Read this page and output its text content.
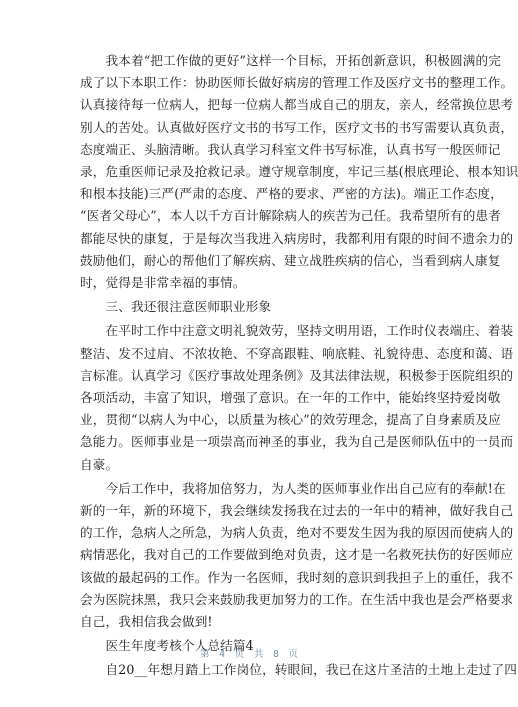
　　我本着“把工作做的更好”这样一个目标，开拓创新意识，积极圆满的完
成了以下本职工作：协助医师长做好病房的管理工作及医疗文书的整理工作。
认真接待每一位病人，把每一位病人都当成自己的朋友，亲人，经常换位思考
别人的苦处。认真做好医疗文书的书写工作，医疗文书的书写需要认真负责，
态度端正、头脑清晰。我认真学习科室文件书写标准，认真书写一般医师记
录，危重医师记录及抢救记录。遵守规章制度，牢记三基(根底理论、根本知识
和根本技能)三严(严肃的态度、严格的要求、严密的方法)。端正工作态度，
“医者父母心”，本人以千方百计解除病人的疾苦为己任。我希望所有的患者
都能尽快的康复，于是每次当我进入病房时，我都利用有限的时间不遗余力的
鼓励他们，耐心的帮他们了解疾病、建立战胜疾病的信心，当看到病人康复
时，觉得是非常幸福的事情。
　　三、我还很注意医师职业形象
　　在平时工作中注意文明礼貌效劳，坚持文明用语，工作时仪表端庄、着装
整洁、发不过肩、不浓妆艳、不穿高跟鞋、响底鞋、礼貌待患、态度和蔼、语
言标准。认真学习《医疗事故处理条例》及其法律法规，积极参于医院组织的
各项活动，丰富了知识，增强了意识。在一年的工作中，能始终坚持爱岗敬
业，贯彻“以病人为中心，以质量为核心”的效劳理念，提高了自身素质及应
急能力。医师事业是一项崇高而神圣的事业，我为自己是医师队伍中的一员而
自豪。
　　今后工作中，我将加倍努力，为人类的医师事业作出自己应有的奉献!在
新的一年，新的环境下，我会继续发扬我在过去的一年中的精神，做好我自己
的工作，急病人之所急，为病人负责，绝对不要发生因为我的原因而使病人的
病情恶化，我对自己的工作要做到绝对负责，这才是一名救死扶伤的好医师应
该做的最起码的工作。作为一名医师，我时刻的意识到我担子上的重任，我不
会为医院抹黑，我只会来鼓励我更加努力的工作。在生活中我也是会严格要求
自己，我相信我会做到!
　　医生年度考核个人总结篇4
　　自20__年想月踏上工作岗位，转眼间，我已在这片圣洁的土地上走过了四
第 4 页 共 8 页
